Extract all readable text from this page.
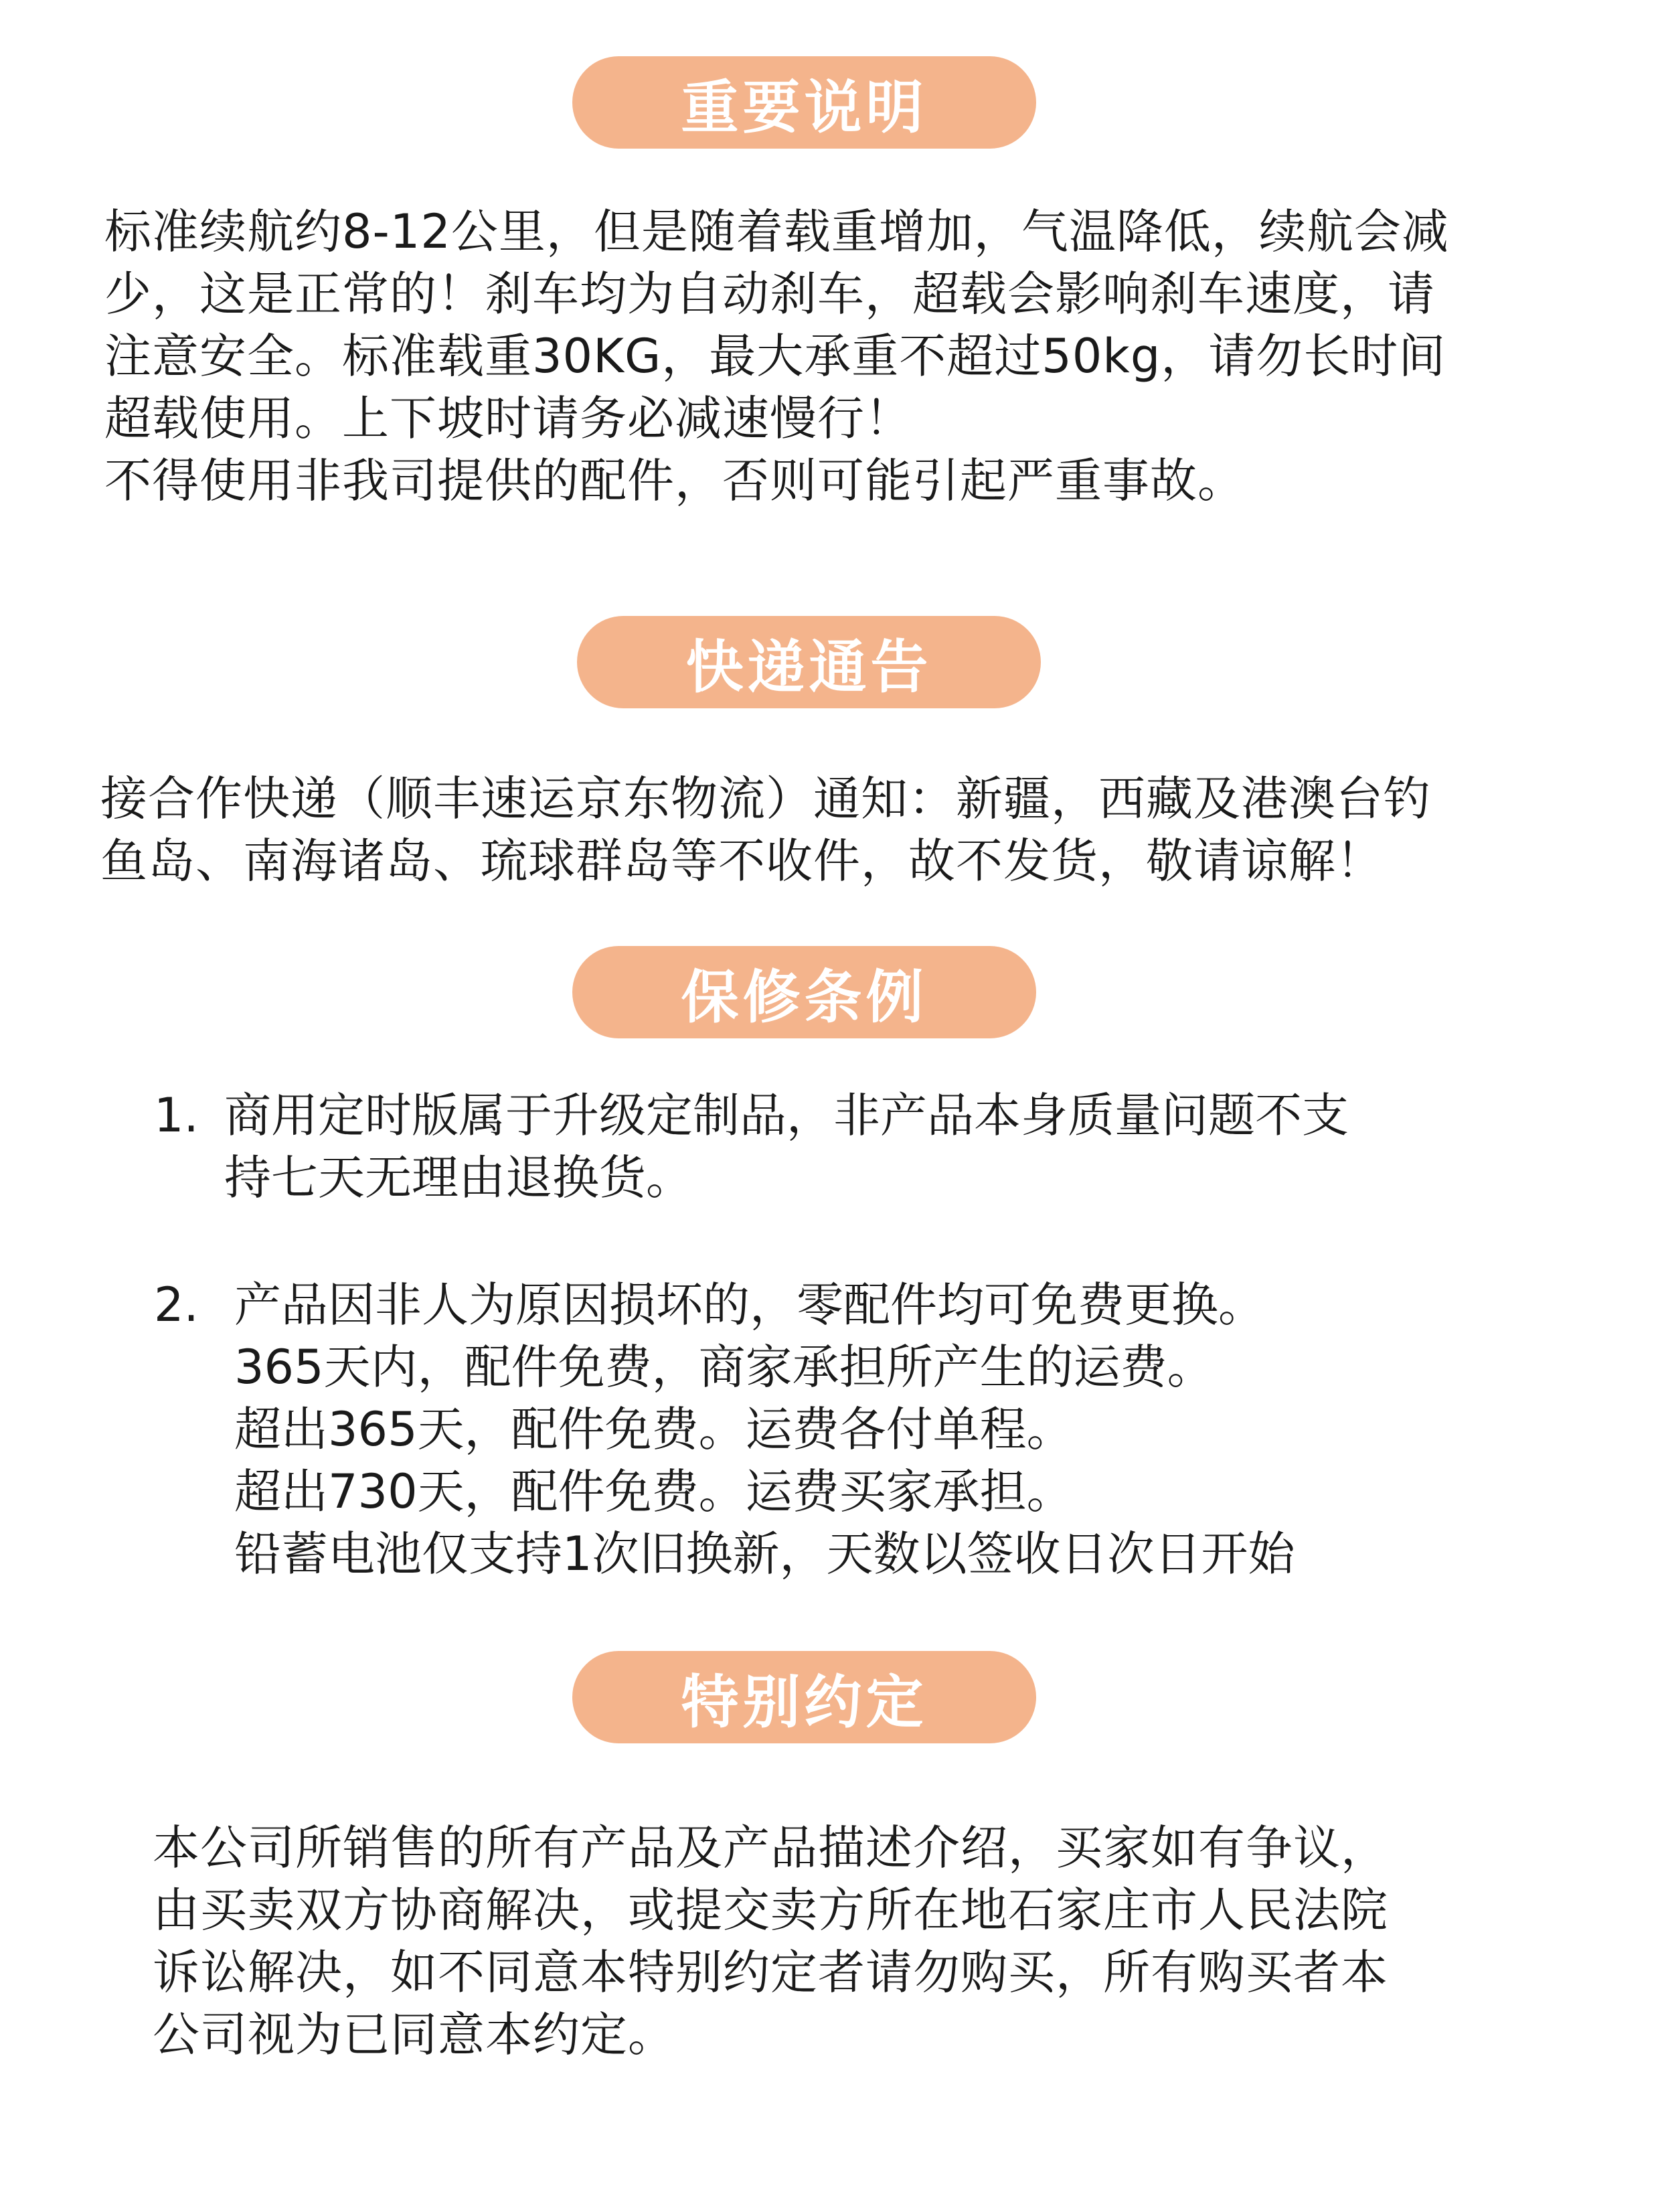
重要说明

标准续航约8-12公里，但是随着载重增加，气温降低，续航会减

少，这是正常的！刹车均为自动刹车，超载会影响刹车速度，请

注意安全。标准载重30KG，最大承重不超过50kg，请勿长时间

超载使用。上下坡时请务必减速慢行！

不得使用非我司提供的配件，否则可能引起严重事故。

快递通告

接合作快递（顺丰速运京东物流）通知：新疆，西藏及港澳台钓

鱼岛、南海诸岛、琉球群岛等不收件，故不发货，敬请谅解！

保修条例
1. 商用定时版属于升级定制品，非产品本身质量问题不支

持七天无理由退换货。

2. 产品因非人为原因损坏的，零配件均可免费更换。

365天内，配件免费，商家承担所产生的运费。

超出365天，配件免费。运费各付单程。

超出730天，配件免费。运费买家承担。

铅蓄电池仅支持1次旧换新，天数以签收日次日开始

特别约定

本公司所销售的所有产品及产品描述介绍，买家如有争议，

由买卖双方协商解决，或提交卖方所在地石家庄市人民法院

诉讼解决，如不同意本特别约定者请勿购买，所有购买者本

公司视为已同意本约定。
